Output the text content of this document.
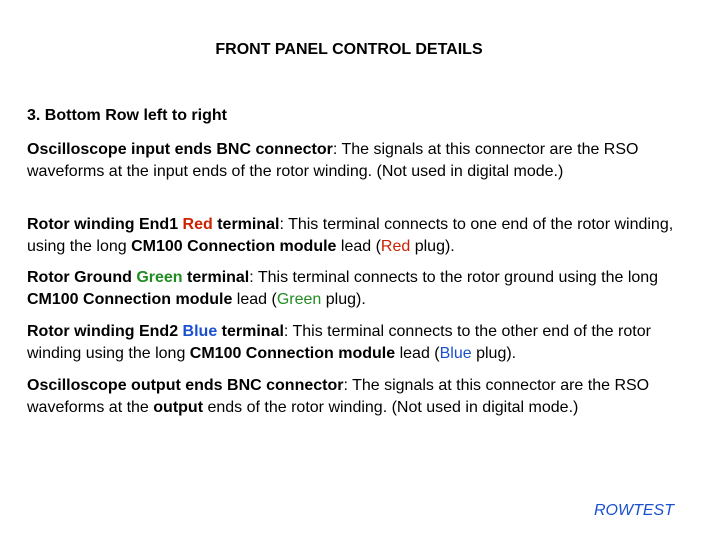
FRONT PANEL CONTROL DETAILS
3. Bottom Row left to right

Oscilloscope input ends BNC connector: The signals at this connector are the RSO waveforms at the input ends of the rotor winding. (Not used in digital mode.)

Rotor winding End1 Red terminal: This terminal connects to one end of the rotor winding, using the long CM100 Connection module lead (Red plug).

Rotor Ground Green terminal: This terminal connects to the rotor ground using the long CM100 Connection module lead (Green plug).

Rotor winding End2 Blue terminal: This terminal connects to the other end of the rotor winding using the long CM100 Connection module lead (Blue plug).

Oscilloscope output ends BNC connector: The signals at this connector are the RSO waveforms at the output ends of the rotor winding. (Not used in digital mode.)

ROWTEST
